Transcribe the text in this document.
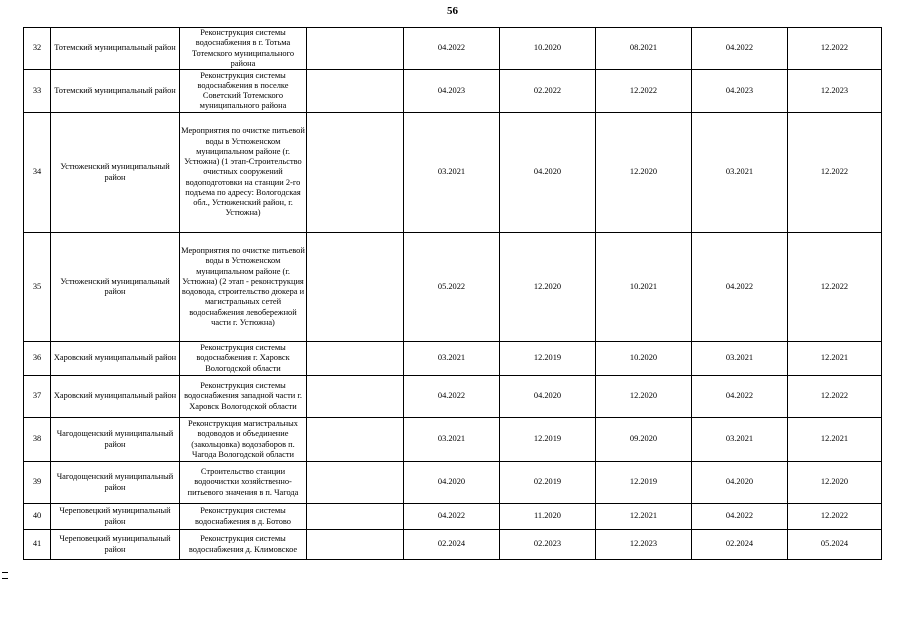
56
32	Тотемский муниципальный район	Реконструкция системы водоснабжения в г. Тотьма Тотемского муниципального района		04.2022	10.2020	08.2021	04.2022	12.2022
33	Тотемский муниципальный район	Реконструкция системы водоснабжения в поселке Советский Тотемского муниципального района		04.2023	02.2022	12.2022	04.2023	12.2023
34	Устюженский муниципальный район	Мероприятия по очистке питьевой воды в Устюженском муниципальном районе (г. Устюжна) (1 этап-Строительство очистных сооружений водоподготовки на станции 2-го подъема по адресу: Вологодская обл., Устюженский район, г. Устюжна)		03.2021	04.2020	12.2020	03.2021	12.2022
35	Устюженский муниципальный район	Мероприятия по очистке питьевой воды в Устюженском муниципальном районе (г. Устюжна) (2 этап - реконструкция водовода, строительство дюкера и магистральных сетей водоснабжения левобережной части г. Устюжна)		05.2022	12.2020	10.2021	04.2022	12.2022
36	Харовский муниципальный район	Реконструкция системы водоснабжения г. Харовск Вологодской области		03.2021	12.2019	10.2020	03.2021	12.2021
37	Харовский муниципальный район	Реконструкция системы водоснабжения западной части г. Харовск Вологодской области		04.2022	04.2020	12.2020	04.2022	12.2022
38	Чагодощенский муниципальный район	Реконструкция магистральных водоводов и объединение (закольцовка) водозаборов п. Чагода Вологодской области		03.2021	12.2019	09.2020	03.2021	12.2021
39	Чагодощенский муниципальный район	Строительство станции водоочистки хозяйственно-питьевого значения в п. Чагода		04.2020	02.2019	12.2019	04.2020	12.2020
40	Череповецкий муниципальный район	Реконструкция системы водоснабжения в д. Ботово		04.2022	11.2020	12.2021	04.2022	12.2022
41	Череповецкий муниципальный район	Реконструкция системы водоснабжения д. Климовское		02.2024	02.2023	12.2023	02.2024	05.2024
